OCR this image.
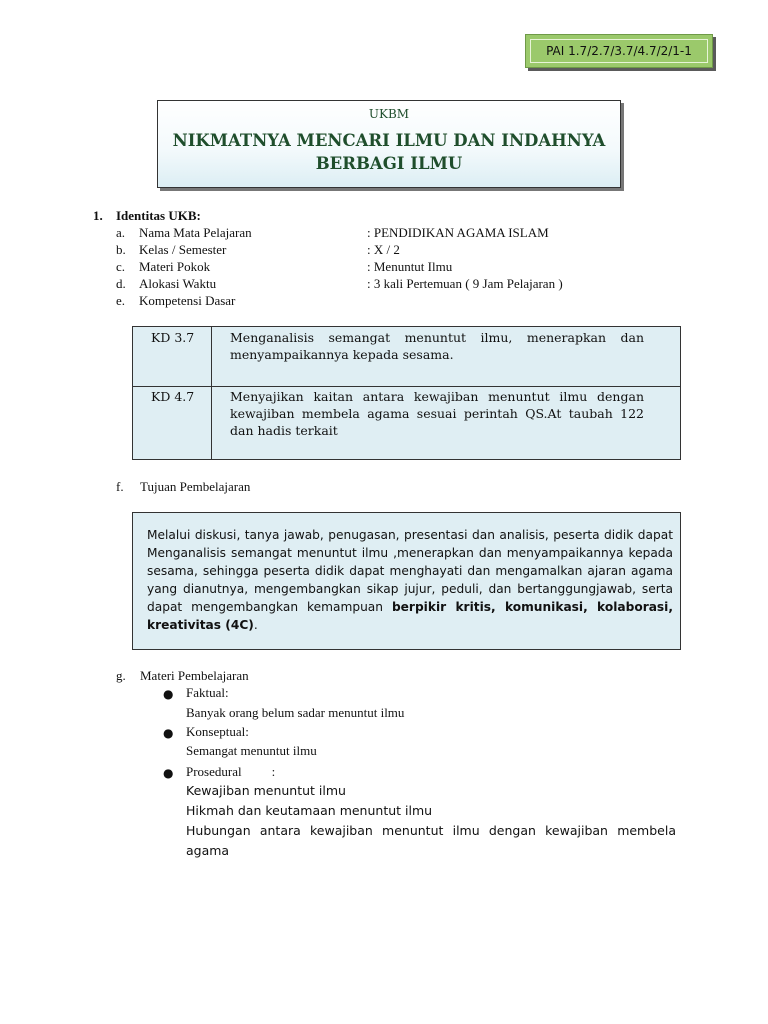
PAI 1.7/2.7/3.7/4.7/2/1-1
UKBM
NIKMATNYA MENCARI ILMU DAN INDAHNYA
BERBAGI ILMU
1. Identitas UKB:
a. Nama Mata Pelajaran	: PENDIDIKAN AGAMA ISLAM
b. Kelas / Semester	: X / 2
c. Materi Pokok	: Menuntut Ilmu
d. Alokasi Waktu	: 3 kali Pertemuan ( 9 Jam Pelajaran )
e. Kompetensi Dasar
KD 3.7	Menganalisis semangat menuntut ilmu, menerapkan dan menyampaikannya kepada sesama.
KD 4.7	Menyajikan kaitan antara kewajiban menuntut ilmu dengan kewajiban membela agama sesuai perintah QS.At taubah 122 dan hadis terkait
f. Tujuan Pembelajaran
Melalui diskusi, tanya jawab, penugasan, presentasi dan analisis, peserta didik dapat Menganalisis semangat menuntut ilmu ,menerapkan dan menyampaikannya kepada sesama, sehingga peserta didik dapat menghayati dan mengamalkan ajaran agama yang dianutnya, mengembangkan sikap jujur, peduli, dan bertanggungjawab, serta dapat mengembangkan kemampuan berpikir kritis, komunikasi, kolaborasi, kreativitas (4C).
g. Materi Pembelajaran
● Faktual:
Banyak orang belum sadar menuntut ilmu
● Konseptual:
Semangat menuntut ilmu
● Prosedural :
Kewajiban menuntut ilmu
Hikmah dan keutamaan menuntut ilmu
Hubungan antara kewajiban menuntut ilmu dengan kewajiban membela
agama
